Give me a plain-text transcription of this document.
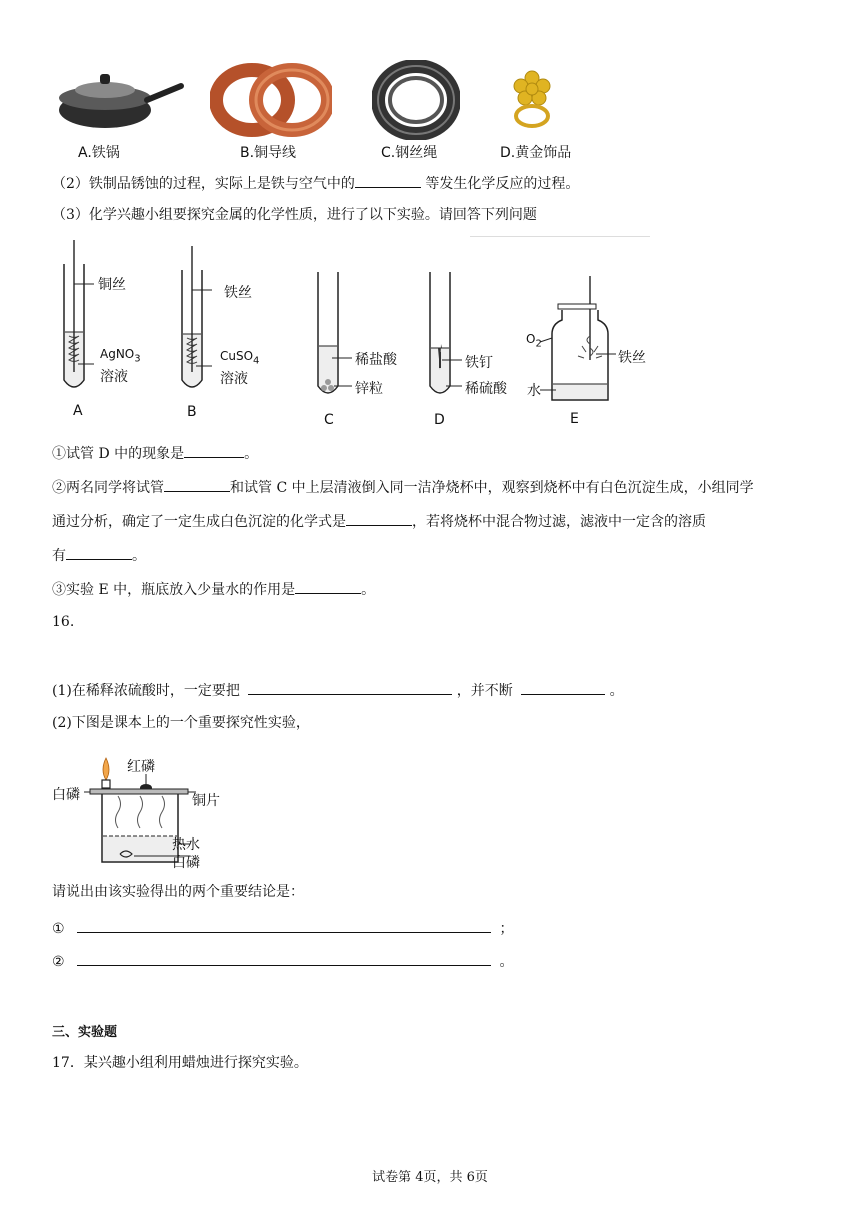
A.铁锅	B.铜导线	C.钢丝绳	D.黄金饰品
（2）铁制品锈蚀的过程，实际上是铁与空气中的	等发生化学反应的过程。
（3）化学兴趣小组要探究金属的化学性质，进行了以下实验。请回答下列问题
铜丝
AgNO$_3$
溶液
A
铁丝
CuSO$_4$
溶液
B
稀盐酸
锌粒
C
铁钉
稀硫酸
D
$O_2$
铁丝
水
E
①试管 D 中的现象是	。
②两名同学将试管	和试管 C 中上层清液倒入同一洁净烧杯中，观察到烧杯中有白色沉淀生成，小组同学
通过分析，确定了一定生成白色沉淀的化学式是	，若将烧杯中混合物过滤，滤液中一定含的溶质
有	。
③实验 E 中，瓶底放入少量水的作用是	。
16.
(1)在稀释浓硫酸时，一定要把	，并不断	。
(2)下图是课本上的一个重要探究性实验，
红磷
白磷	铜片
热水
白磷
请说出由该实验得出的两个重要结论是：
①	；
②	。
三、实验题
17．某兴趣小组利用蜡烛进行探究实验。
试卷第 4页，共 6页
